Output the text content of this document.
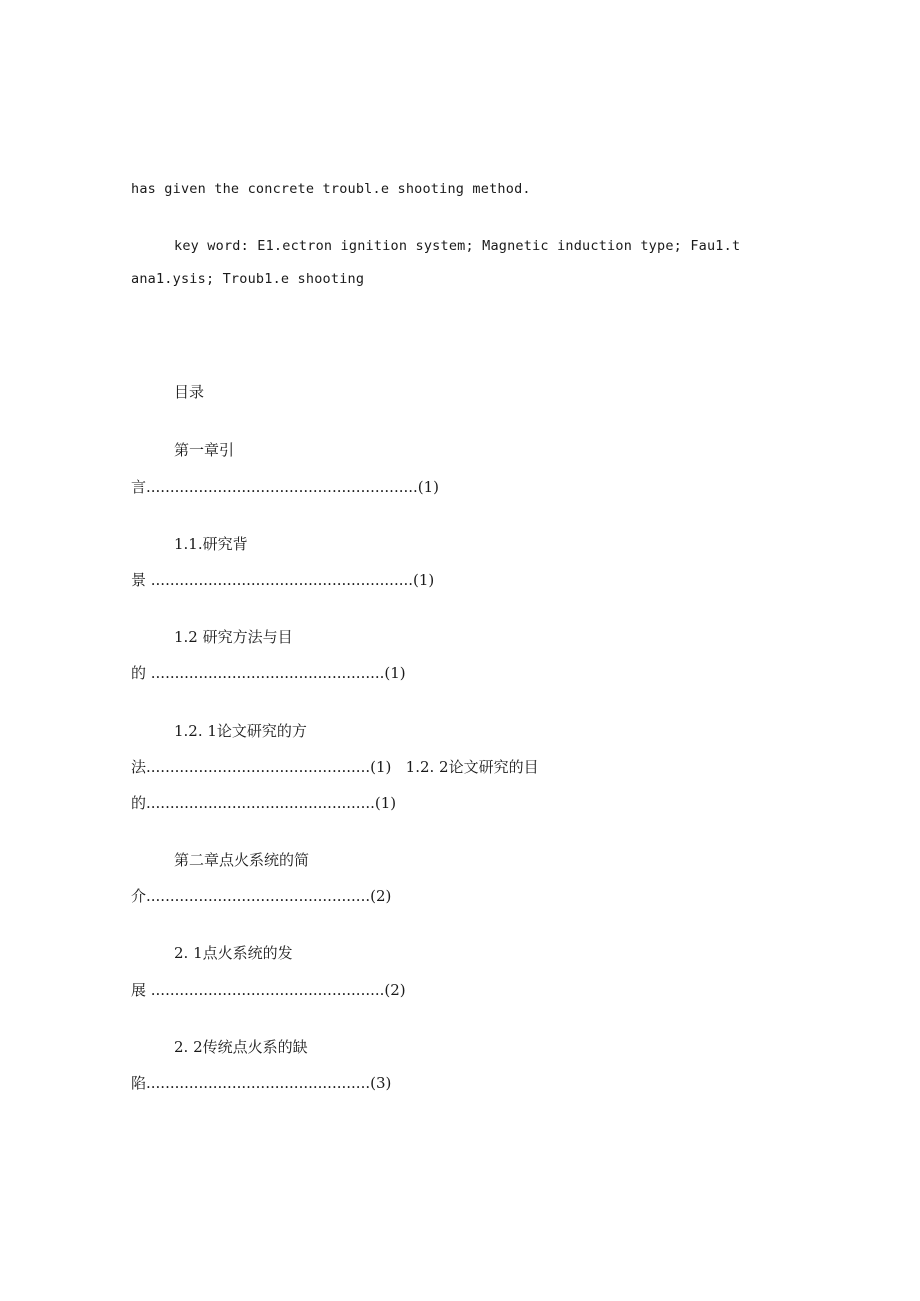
has given the concrete troubl.e shooting method.
key word: E1.ectron ignition system; Magnetic induction type; Fau1.t
ana1.ysis; Troub1.e shooting
目录
第一章引
言.........................................................(1)
1.1.研究背
景 .......................................................(1)
1.2 研究方法与目
的 .................................................(1)
1.2. 1论文研究的方
法...............................................(1)   1.2. 2论文研究的目
的................................................(1)
第二章点火系统的简
介...............................................(2)
2. 1点火系统的发
展 .................................................(2)
2. 2传统点火系的缺
陷...............................................(3)
